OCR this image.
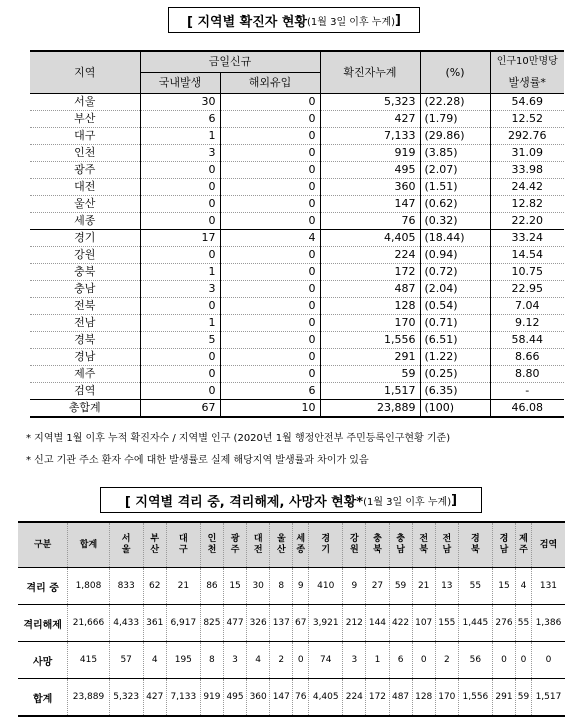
[ 지역별 확진자 현황 (1월 3일 이후 누계) ]
지역	금일신규		확진자누계	(%)	인구10만명당
	국내발생	해외유입			발생률*
서울	30	0	5,323	(22.28)	54.69
부산	6	0	427	(1.79)	12.52
대구	1	0	7,133	(29.86)	292.76
인천	3	0	919	(3.85)	31.09
광주	0	0	495	(2.07)	33.98
대전	0	0	360	(1.51)	24.42
울산	0	0	147	(0.62)	12.82
세종	0	0	76	(0.32)	22.20
경기	17	4	4,405	(18.44)	33.24
강원	0	0	224	(0.94)	14.54
충북	1	0	172	(0.72)	10.75
충남	3	0	487	(2.04)	22.95
전북	0	0	128	(0.54)	7.04
전남	1	0	170	(0.71)	9.12
경북	5	0	1,556	(6.51)	58.44
경남	0	0	291	(1.22)	8.66
제주	0	0	59	(0.25)	8.80
검역	0	6	1,517	(6.35)	-
총합계	67	10	23,889	(100)	46.08
* 지역별 1월 이후 누적 확진자수 / 지역별 인구 (2020년 1월 행정안전부 주민등록인구현황 기준)
* 신고 기관 주소 환자 수에 대한 발생률로 실제 해당지역 발생률과 차이가 있음
[ 지역별 격리 중, 격리해제, 사망자 현황* (1월 3일 이후 누계) ]
구분	합계	서울	부산	대구	인천	광주	대전	울산	세종	경기	강원	충북	충남	전북	전남	경북	경남	제주	검역
격리 중	1,808	833	62	21	86	15	30	8	9	410	9	27	59	21	13	55	15	4	131
격리해제	21,666	4,433	361	6,917	825	477	326	137	67	3,921	212	144	422	107	155	1,445	276	55	1,386
사망	415	57	4	195	8	3	4	2	0	74	3	1	6	0	2	56	0	0	0
합계	23,889	5,323	427	7,133	919	495	360	147	76	4,405	224	172	487	128	170	1,556	291	59	1,517
